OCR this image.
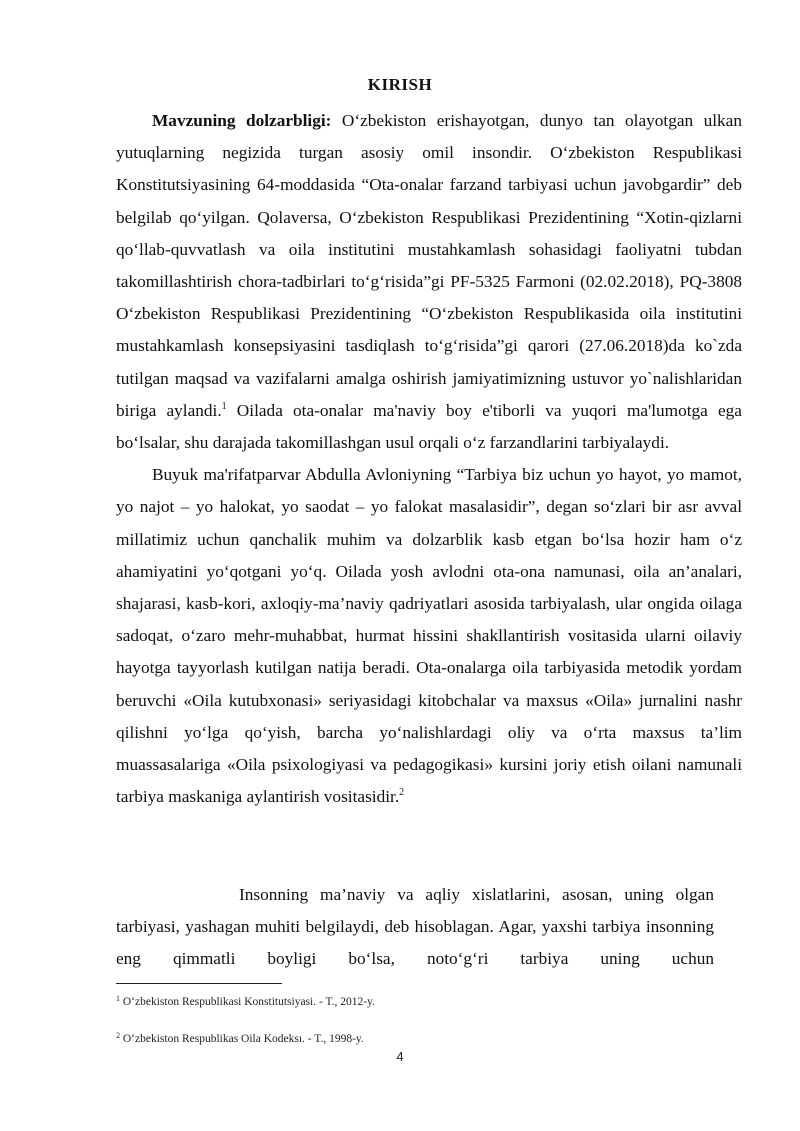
KIRISH

Mavzuning dolzarbligi: O‘zbekiston erishayotgan, dunyo tan olayotgan ulkan yutuqlarning negizida turgan asosiy omil insondir. O‘zbekiston Respublikasi Konstitutsiyasining 64-moddasida “Ota-onalar farzand tarbiyasi uchun javobgardir” deb belgilab qo‘yilgan. Qolaversa, O‘zbekiston Respublikasi Prezidentining “Xotin-qizlarni qo‘llab-quvvatlash va oila institutini mustahkamlash sohasidagi faoliyatni tubdan takomillashtirish chora-tadbirlari to‘g‘risida”gi PF-5325 Farmoni (02.02.2018), PQ-3808 O‘zbekiston Respublikasi Prezidentining “O‘zbekiston Respublikasida oila institutini mustahkamlash konsepsiyasini tasdiqlash to‘g‘risida”gi qarori (27.06.2018)da ko`zda tutilgan maqsad va vazifalarni amalga oshirish jamiyatimizning ustuvor yo`nalishlaridan biriga aylandi.$^1$ Oilada ota-onalar ma'naviy boy e'tiborli va yuqori ma'lumotga ega bo‘lsalar, shu darajada takomillashgan usul orqali o‘z farzandlarini tarbiyalaydi.

Buyuk ma'rifatparvar Abdulla Avloniyning “Tarbiya biz uchun yo hayot, yo mamot, yo najot – yo halokat, yo saodat – yo falokat masalasidir”, degan so‘zlari bir asr avval millatimiz uchun qanchalik muhim va dolzarblik kasb etgan bo‘lsa hozir ham o‘z ahamiyatini yo‘qotgani yo‘q. Oilada yosh avlodni ota-ona namunasi, oila an’analari, shajarasi, kasb-kori, axloqiy-ma’naviy qadriyatlari asosida tarbiyalash, ular ongida oilaga sadoqat, o‘zaro mehr-muhabbat, hurmat hissini shakllantirish vositasida ularni oilaviy hayotga tayyorlash kutilgan natija beradi. Ota-onalarga oila tarbiyasida metodik yordam beruvchi «Oila kutubxonasi» seriyasidagi kitobchalar va maxsus «Oila» jurnalini nashr qilishni yo‘lga qo‘yish, barcha yo‘nalishlardagi oliy va o‘rta maxsus ta’lim muassasalariga «Oila psixologiyasi va pedagogikasi» kursini joriy etish oilani namunali tarbiya maskaniga aylantirish vositasidir.$^2$

Insonning ma’naviy va aqliy xislatlarini, asosan, uning olgan tarbiyasi, yashagan muhiti belgilaydi, deb hisoblagan. Agar, yaxshi tarbiya insonning eng qimmatli boyligi bo‘lsa, noto‘g‘ri tarbiya uning uchun

$^1$ O‘zbekiston Respublikasi Konstitutsiyasi. - T., 2012-y.
$^2$ O‘zbekiston Respublikas Oila Kodeksı. - T., 1998-y.
4
